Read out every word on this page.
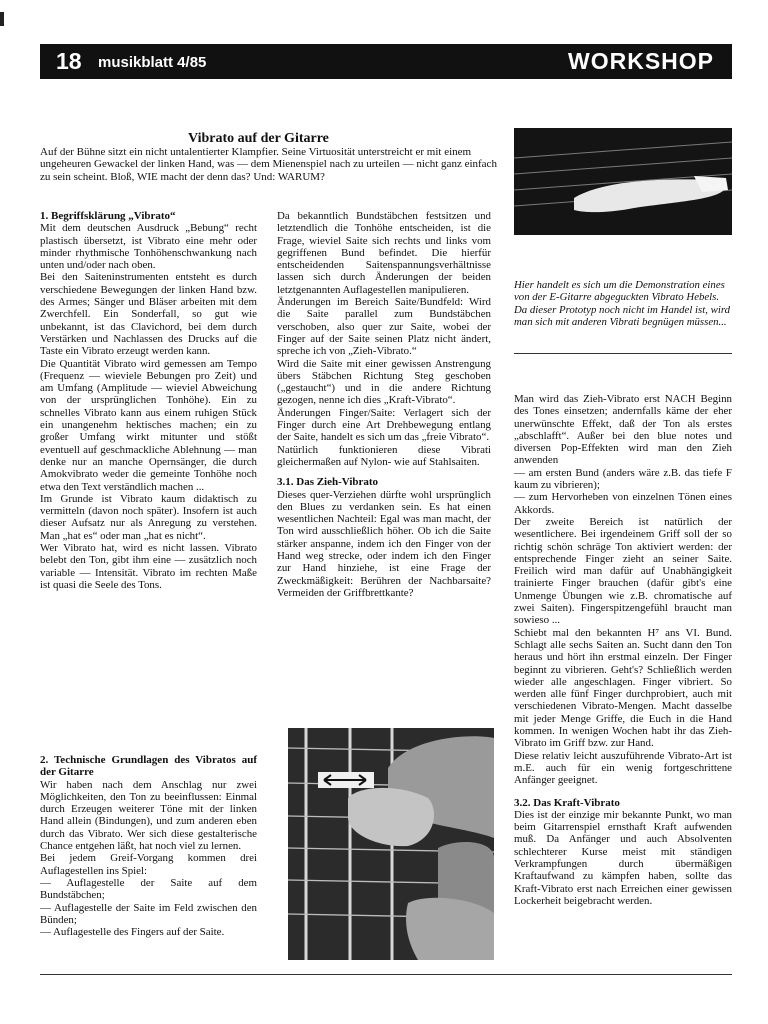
18 musikblatt 4/85	WORKSHOP
Vibrato auf der Gitarre
Auf der Bühne sitzt ein nicht untalentierter Klampfier. Seine Virtuosität unterstreicht er mit einem ungeheuren Gewackel der linken Hand, was — dem Mienenspiel nach zu urteilen — nicht ganz einfach zu sein scheint. Bloß, WIE macht der denn das? Und: WARUM?
1. Begriffsklärung „Vibrato“

Mit dem deutschen Ausdruck „Bebung“ recht plastisch übersetzt, ist Vibrato eine mehr oder minder rhythmische Tonhöhenschwankung nach unten und/oder nach oben.

Bei den Saiteninstrumenten entsteht es durch verschiedene Bewegungen der linken Hand bzw. des Armes; Sänger und Bläser arbeiten mit dem Zwerchfell. Ein Sonderfall, so gut wie unbekannt, ist das Clavichord, bei dem durch Verstärken und Nachlassen des Drucks auf die Taste ein Vibrato erzeugt werden kann.

Die Quantität Vibrato wird gemessen am Tempo (Frequenz — wieviele Bebungen pro Zeit) und am Umfang (Amplitude — wieviel Abweichung von der ursprünglichen Tonhöhe). Ein zu schnelles Vibrato kann aus einem ruhigen Stück ein unangenehm hektisches machen; ein zu großer Umfang wirkt mitunter und stößt eventuell auf geschmackliche Ablehnung — man denke nur an manche Opernsänger, die durch Amokvibrato weder die gemeinte Tonhöhe noch etwa den Text verständlich machen ...

Im Grunde ist Vibrato kaum didaktisch zu vermitteln (davon noch später). Insofern ist auch dieser Aufsatz nur als Anregung zu verstehen. Man „hat es“ oder man „hat es nicht“.

Wer Vibrato hat, wird es nicht lassen. Vibrato belebt den Ton, gibt ihm eine — zusätzlich noch variable — Intensität. Vibrato im rechten Maße ist quasi die Seele des Tons.

2. Technische Grundlagen des Vibratos auf der Gitarre

Wir haben nach dem Anschlag nur zwei Möglichkeiten, den Ton zu beeinflussen: Einmal durch Erzeugen weiterer Töne mit der linken Hand allein (Bindungen), und zum anderen eben durch das Vibrato. Wer sich diese gestalterische Chance entgehen läßt, hat noch viel zu lernen.

Bei jedem Greif-Vorgang kommen drei Auflagestellen ins Spiel:

— Auflagestelle der Saite auf dem Bundstäbchen;
— Auflagestelle der Saite im Feld zwischen den Bünden;
— Auflagestelle des Fingers auf der Saite.

Da bekanntlich Bundstäbchen festsitzen und letztendlich die Tonhöhe entscheiden, ist die Frage, wieviel Saite sich rechts und links vom gegriffenen Bund befindet. Die hierfür entscheidenden Saitenspannungsverhältnisse lassen sich durch Änderungen der beiden letztgenannten Auflagestellen manipulieren.

Änderungen im Bereich Saite/Bundfeld: Wird die Saite parallel zum Bundstäbchen verschoben, also quer zur Saite, wobei der Finger auf der Saite seinen Platz nicht ändert, spreche ich von „Zieh-Vibrato.“

Wird die Saite mit einer gewissen Anstrengung übers Stäbchen Richtung Steg geschoben („gestaucht“) und in die andere Richtung gezogen, nenne ich dies „Kraft-Vibrato“.

Änderungen Finger/Saite: Verlagert sich der Finger durch eine Art Drehbewegung entlang der Saite, handelt es sich um das „freie Vibrato“.

Natürlich funktionieren diese Vibrati gleichermaßen auf Nylon- wie auf Stahlsaiten.

3.1. Das Zieh-Vibrato

Dieses quer-Verziehen dürfte wohl ursprünglich den Blues zu verdanken sein. Es hat einen wesentlichen Nachteil: Egal was man macht, der Ton wird ausschließlich höher. Ob ich die Saite stärker anspanne, indem ich den Finger von der Hand weg strecke, oder indem ich den Finger zur Hand hinziehe, ist eine Frage der Zweckmäßigkeit: Berühren der Nachbarsaite? Vermeiden der Griffbrettkante?

Hier handelt es sich um die Demonstration eines von der E-Gitarre abgeguckten Vibrato Hebels. Da dieser Prototyp noch nicht im Handel ist, wird man sich mit anderen Vibrati begnügen müssen...

Man wird das Zieh-Vibrato erst NACH Beginn des Tones einsetzen; andernfalls käme der eher unerwünschte Effekt, daß der Ton als erstes „abschlafft“. Außer bei den blue notes und diversen Pop-Effekten wird man den Zieh anwenden

— am ersten Bund (anders wäre z.B. das tiefe F kaum zu vibrieren);

— zum Hervorheben von einzelnen Tönen eines Akkords.

Der zweite Bereich ist natürlich der wesentlichere. Bei irgendeinem Griff soll der so richtig schön schräge Ton aktiviert werden: der entsprechende Finger zieht an seiner Saite. Freilich wird man dafür auf Unabhängigkeit trainierte Finger brauchen (dafür gibt's eine Unmenge Übungen wie z.B. chromatische auf zwei Saiten). Fingerspitzengefühl braucht man sowieso ...

Schiebt mal den bekannten H⁷ ans VI. Bund. Schlagt alle sechs Saiten an. Sucht dann den Ton heraus und hört ihn erstmal einzeln. Der Finger beginnt zu vibrieren. Geht's? Schließlich werden wieder alle angeschlagen. Finger vibriert. So werden alle fünf Finger durchprobiert, auch mit verschiedenen Vibrato-Mengen. Macht dasselbe mit jeder Menge Griffe, die Euch in die Hand kommen. In wenigen Wochen habt ihr das Zieh-Vibrato im Griff bzw. zur Hand.

Diese relativ leicht auszuführende Vibrato-Art ist m.E. auch für ein wenig fortgeschrittene Anfänger geeignet.

3.2. Das Kraft-Vibrato

Dies ist der einzige mir bekannte Punkt, wo man beim Gitarrenspiel ernsthaft Kraft aufwenden muß. Da Anfänger und auch Absolventen schlechterer Kurse meist mit ständigen Verkrampfungen durch übermäßigen Kraftaufwand zu kämpfen haben, sollte das Kraft-Vibrato erst nach Erreichen einer gewissen Lockerheit beigebracht werden.
